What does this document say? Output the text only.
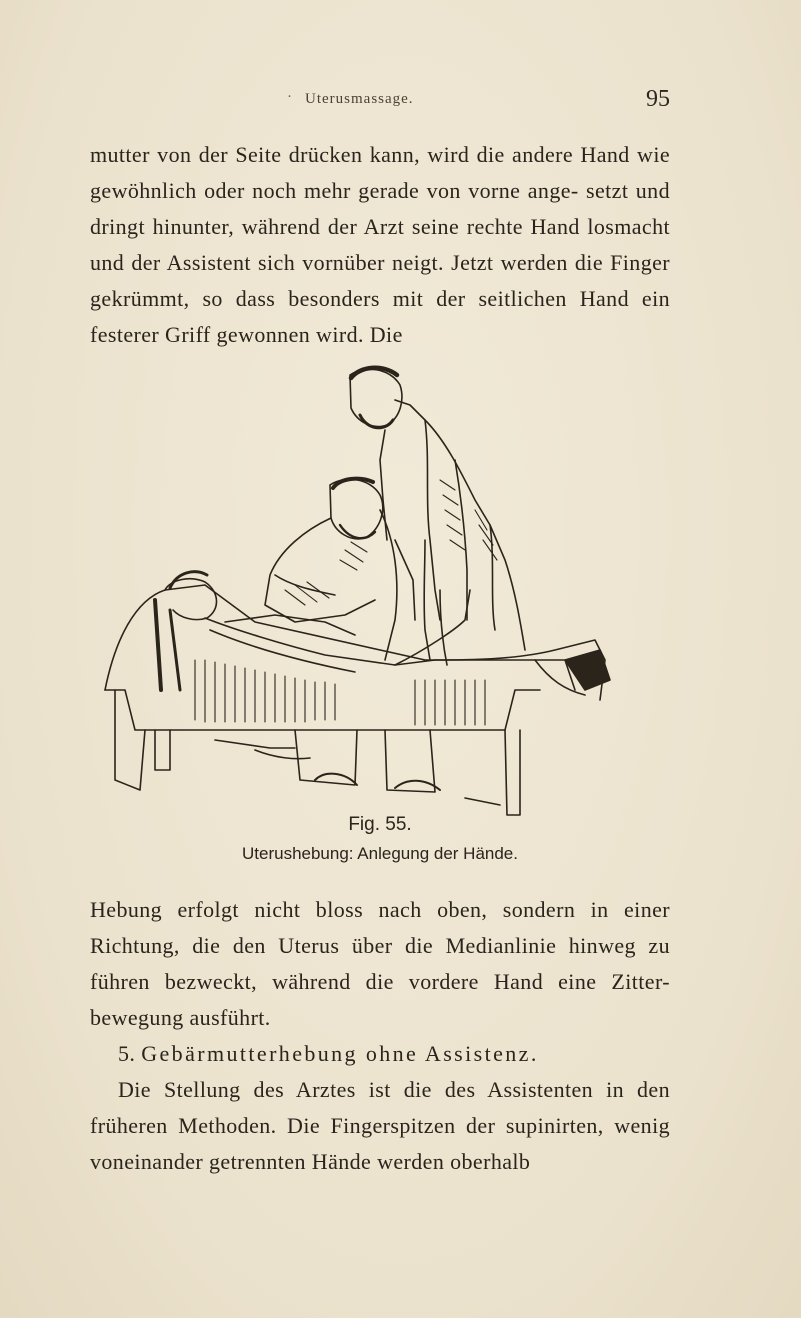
· Uterusmassage.	95

mutter von der Seite drücken kann, wird die andere Hand wie gewöhnlich oder noch mehr gerade von vorne ange- setzt und dringt hinunter, während der Arzt seine rechte Hand losmacht und der Assistent sich vornüber neigt. Jetzt werden die Finger gekrümmt, so dass besonders mit der seitlichen Hand ein festerer Griff gewonnen wird. Die

Fig. 55.
Uterushebung: Anlegung der Hände.

Hebung erfolgt nicht bloss nach oben, sondern in einer Richtung, die den Uterus über die Medianlinie hinweg zu führen bezweckt, während die vordere Hand eine Zitter- bewegung ausführt.

5. Gebärmutterhebung ohne Assistenz.

Die Stellung des Arztes ist die des Assistenten in den früheren Methoden. Die Fingerspitzen der supinirten, wenig voneinander getrennten Hände werden oberhalb
